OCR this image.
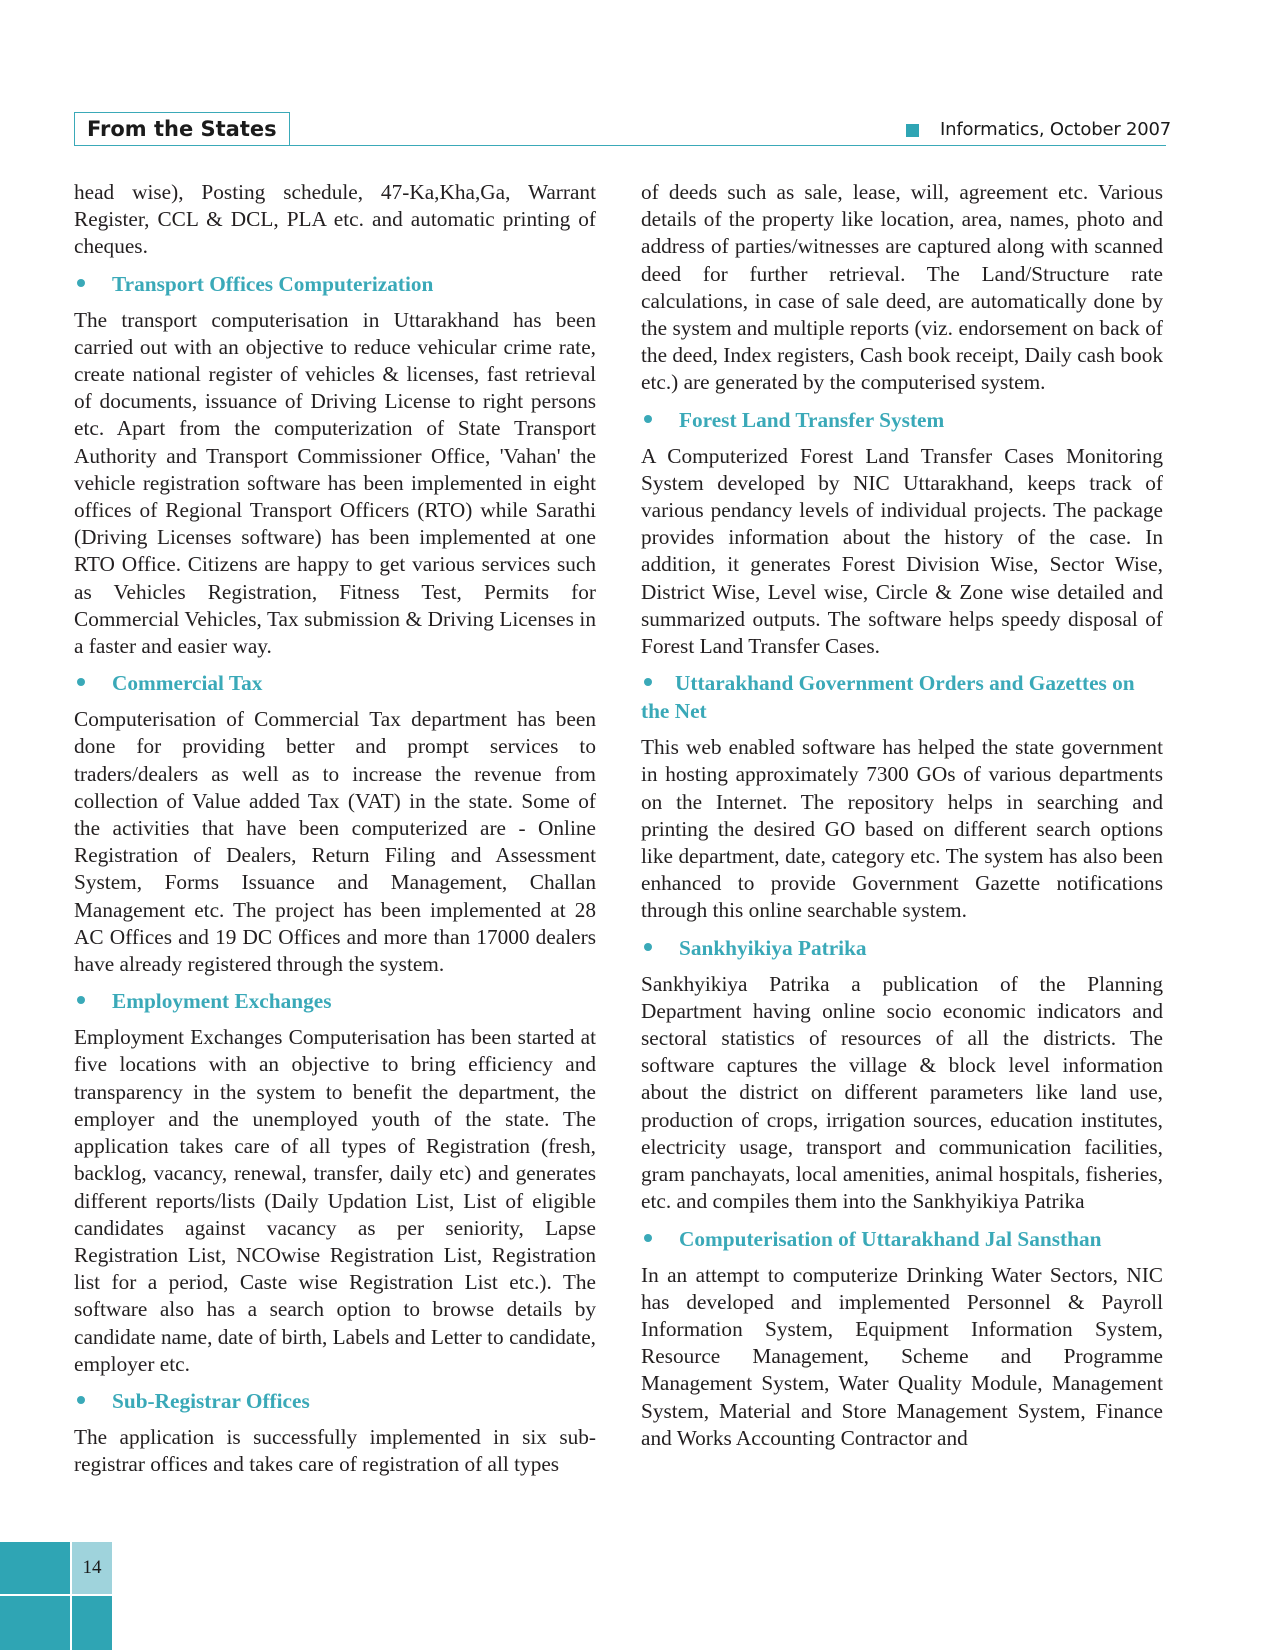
From the States	Informatics, October 2007

head wise), Posting schedule, 47-Ka,Kha,Ga, Warrant Register, CCL & DCL, PLA etc. and automatic printing of cheques.

Transport Offices Computerization

The transport computerisation in Uttarakhand has been carried out with an objective to reduce vehicular crime rate, create national register of vehicles & licenses, fast retrieval of documents, issuance of Driving License to right persons etc. Apart from the computerization of State Transport Authority and Transport Commissioner Office, 'Vahan' the vehicle registration software has been implemented in eight offices of Regional Transport Officers (RTO) while Sarathi (Driving Licenses software) has been implemented at one RTO Office. Citizens are happy to get various services such as Vehicles Registration, Fitness Test, Permits for Commercial Vehicles, Tax submission & Driving Licenses in a faster and easier way.

Commercial Tax

Computerisation of Commercial Tax department has been done for providing better and prompt services to traders/dealers as well as to increase the revenue from collection of Value added Tax (VAT) in the state. Some of the activities that have been computerized are - Online Registration of Dealers, Return Filing and Assessment System, Forms Issuance and Management, Challan Management etc. The project has been implemented at 28 AC Offices and 19 DC Offices and more than 17000 dealers have already registered through the system.

Employment Exchanges

Employment Exchanges Computerisation has been started at five locations with an objective to bring efficiency and transparency in the system to benefit the department, the employer and the unemployed youth of the state. The application takes care of all types of Registration (fresh, backlog, vacancy, renewal, transfer, daily etc) and generates different reports/lists (Daily Updation List, List of eligible candidates against vacancy as per seniority, Lapse Registration List, NCOwise Registration List, Registration list for a period, Caste wise Registration List etc.). The software also has a search option to browse details by candidate name, date of birth, Labels and Letter to candidate, employer etc.

Sub-Registrar Offices

The application is successfully implemented in six sub-registrar offices and takes care of registration of all types

of deeds such as sale, lease, will, agreement etc. Various details of the property like location, area, names, photo and address of parties/witnesses are captured along with scanned deed for further retrieval. The Land/Structure rate calculations, in case of sale deed, are automatically done by the system and multiple reports (viz. endorsement on back of the deed, Index registers, Cash book receipt, Daily cash book etc.) are generated by the computerised system.

Forest Land Transfer System

A Computerized Forest Land Transfer Cases Monitoring System developed by NIC Uttarakhand, keeps track of various pendancy levels of individual projects. The package provides information about the history of the case. In addition, it generates Forest Division Wise, Sector Wise, District Wise, Level wise, Circle & Zone wise detailed and summarized outputs. The software helps speedy disposal of Forest Land Transfer Cases.

Uttarakhand Government Orders and Gazettes on the Net

This web enabled software has helped the state government in hosting approximately 7300 GOs of various departments on the Internet. The repository helps in searching and printing the desired GO based on different search options like department, date, category etc. The system has also been enhanced to provide Government Gazette notifications through this online searchable system.

Sankhyikiya Patrika

Sankhyikiya Patrika a publication of the Planning Department having online socio economic indicators and sectoral statistics of resources of all the districts. The software captures the village & block level information about the district on different parameters like land use, production of crops, irrigation sources, education institutes, electricity usage, transport and communication facilities, gram panchayats, local amenities, animal hospitals, fisheries, etc. and compiles them into the Sankhyikiya Patrika

Computerisation of Uttarakhand Jal Sansthan

In an attempt to computerize Drinking Water Sectors, NIC has developed and implemented Personnel & Payroll Information System, Equipment Information System, Resource Management, Scheme and Programme Management System, Water Quality Module, Management System, Material and Store Management System, Finance and Works Accounting Contractor and

14
